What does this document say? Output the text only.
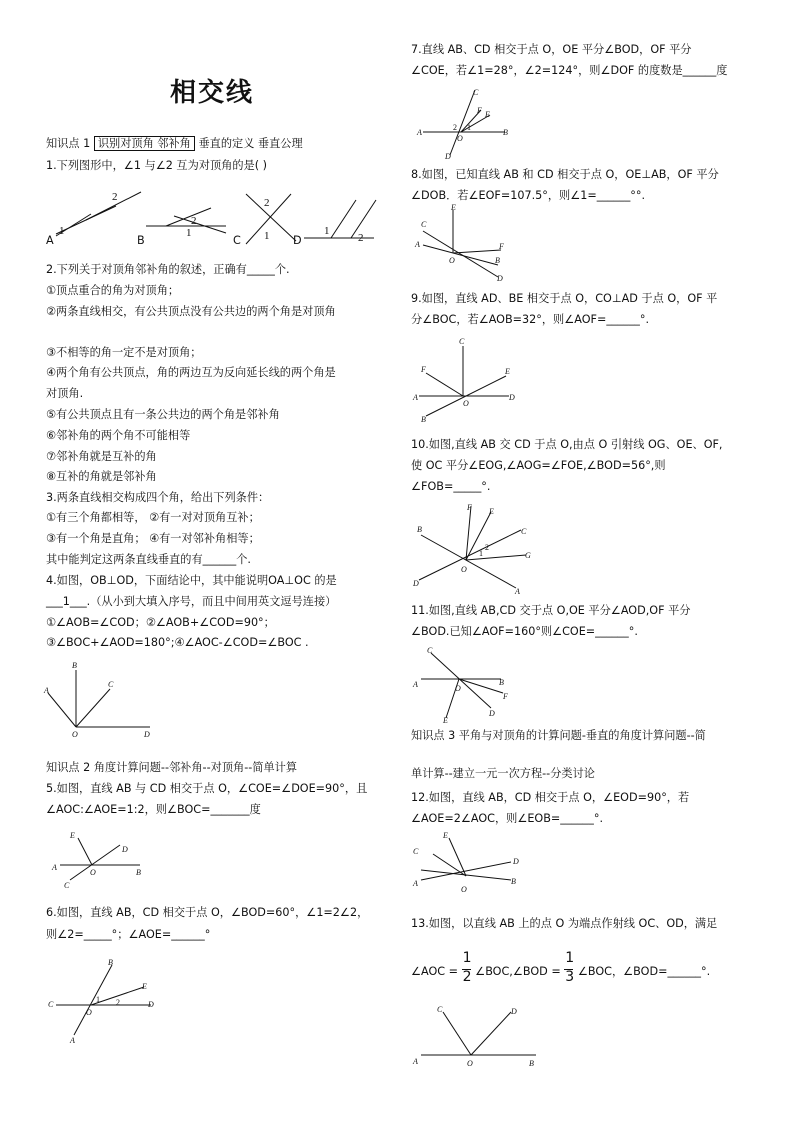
相交线
知识点 1 识别对顶角 邻补角 垂直的定义 垂直公理
1.下列图形中，∠1 与∠2 互为对顶角的是( )
1
2
2
1
2
1	1
2
A	B	C	D
2.下列关于对顶角邻补角的叙述，正确有_____个.
①顶点重合的角为对顶角；
②两条直线相交，有公共顶点没有公共边的两个角是对顶角
③不相等的角一定不是对顶角；
④两个角有公共顶点，角的两边互为反向延长线的两个角是
对顶角.
⑤有公共顶点且有一条公共边的两个角是邻补角
⑥邻补角的两个角不可能相等
⑦邻补角就是互补的角
⑧互补的角就是邻补角
3.两条直线相交构成四个角，给出下列条件：
①有三个角都相等， ②有一对对顶角互补；
③有一个角是直角； ④有一对邻补角相等；
其中能判定这两条直线垂直的有______个.
4.如图，OB⊥OD，下面结论中，其中能说明OA⊥OC 的是
___1___.（从小到大填入序号，而且中间用英文逗号连接）
①∠AOB=∠COD；②∠AOB+∠COD=90°；
③∠BOC+∠AOD=180°;④∠AOC-∠COD=∠BOC .
A
B
C
D
O
知识点 2 角度计算问题--邻补角--对顶角--简单计算
5.如图，直线 AB 与 CD 相交于点 O，∠COE=∠DOE=90°，且
∠AOC:∠AOE=1:2，则∠BOC=_______度
A
B
C
D
E
O
6.如图，直线 AB，CD 相交于点 O，∠BOD=60°，∠1=2∠2，
则∠2=_____°；∠AOE=______°
C	D
B
A
E
O
1 2
7.直线 AB、CD 相交于点 O，OE 平分∠BOD，OF 平分
∠COE，若∠1=28°，∠2=124°，则∠DOF 的度数是______度
A	B
C
D
E
F
O
2 1
8.如图，已知直线 AB 和 CD 相交于点 O，OE⊥AB，OF 平分
∠DOB．若∠EOF=107.5°，则∠1=______°°.
A
B
C
D
E
F
O
9.如图，直线 AD、BE 相交于点 O，CO⊥AD 于点 O，OF 平
分∠BOC，若∠AOB=32°，则∠AOF=______°.
A	D
C
B
E
F
O
10.如图,直线 AB 交 CD 于点 O,由点 O 引射线 OG、OE、OF,
使 OC 平分∠EOG,∠AOG=∠FOE,∠BOD=56°,则
∠FOB=_____°.
B
A
D
C
F E
G
O
1
2
11.如图,直线 AB,CD 交于点 O,OE 平分∠AOD,OF 平分
∠BOD.已知∠AOF=160°则∠COE=______°.
A	B
C
D
E
F
O
知识点 3 平角与对顶角的计算问题-垂直的角度计算问题--简
单计算--建立一元一次方程--分类讨论
12.如图，直线 AB，CD 相交于点 O，∠EOD=90°，若
∠AOE=2∠AOC，则∠EOB=______°.
A	B
C
D
E
O
13.如图，以直线 AB 上的点 O 为端点作射线 OC、OD，满足
∠AOC =
$\frac{1}{2}$
∠BOC,∠BOD =
$\frac{1}{3}$
∠BOC，∠BOD=______°.
A	B
C	D
O
